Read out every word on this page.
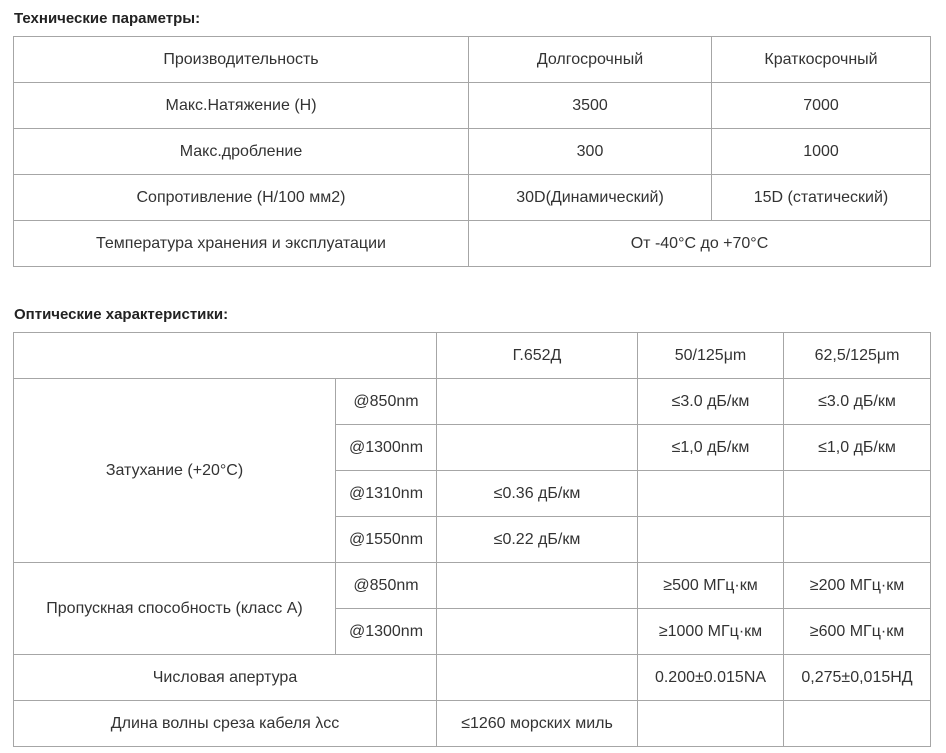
Технические параметры:
Производительность	Долгосрочный	Краткосрочный
Макс.Натяжение (Н)	3500	7000
Макс.дробление	300	1000
Сопротивление (Н/100 мм2)	30D(Динамический)	15D (статический)
Температура хранения и эксплуатации	От -40°C до +70°C	
Оптические характеристики:
		Г.652Д	50/125μm	62,5/125μm
Затухание (+20°C)	@850nm		≤3.0 дБ/км	≤3.0 дБ/км
	@1300nm		≤1,0 дБ/км	≤1,0 дБ/км
	@1310nm	≤0.36 дБ/км		
	@1550nm	≤0.22 дБ/км		
Пропускная способность (класс А)	@850nm		≥500 МГц·км	≥200 МГц·км
	@1300nm		≥1000 МГц·км	≥600 МГц·км
Числовая апертура			0.200±0.015NA	0,275±0,015НД
Длина волны среза кабеля λcc		≤1260 морских миль		
